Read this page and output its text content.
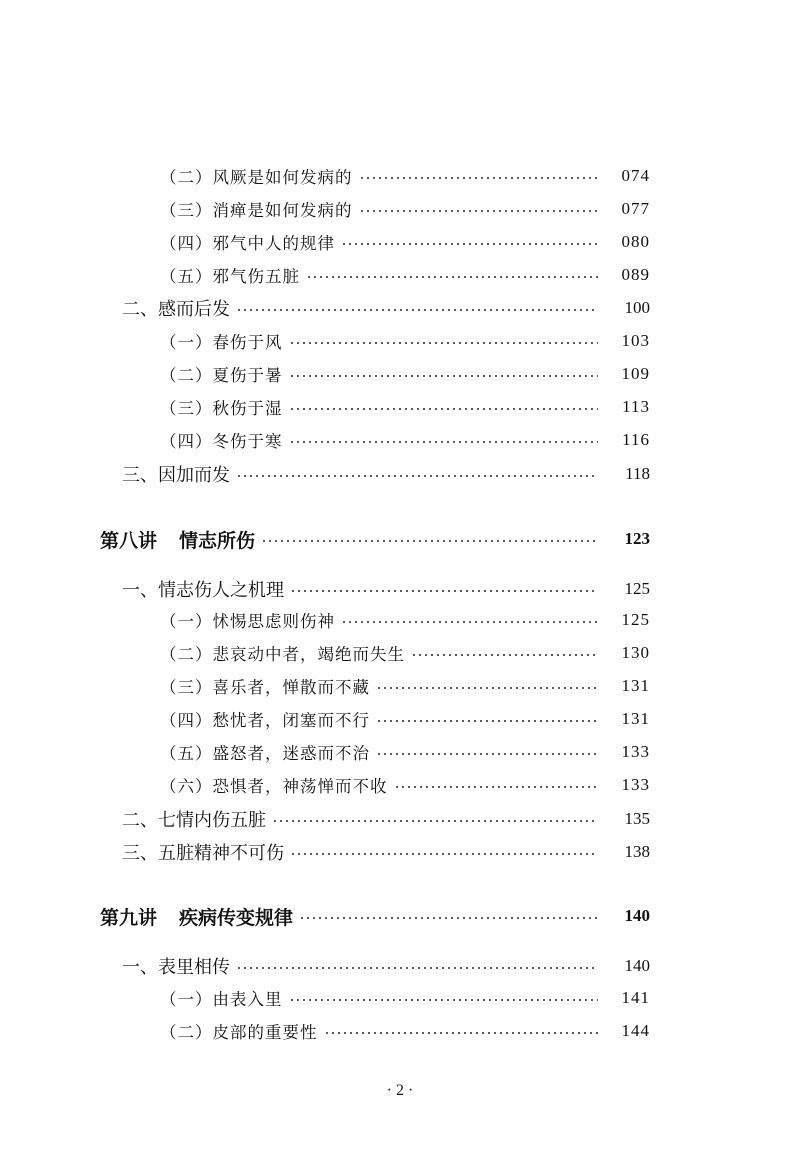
（二）风厥是如何发病的	074
（三）消瘅是如何发病的	077
（四）邪气中人的规律	080
（五）邪气伤五脏	089
二、感而后发	100
（一）春伤于风	103
（二）夏伤于暑	109
（三）秋伤于湿	113
（四）冬伤于寒	116
三、因加而发	118
第八讲 情志所伤	123
一、情志伤人之机理	125
（一）怵惕思虑则伤神	125
（二）悲哀动中者，竭绝而失生	130
（三）喜乐者，惮散而不藏	131
（四）愁忧者，闭塞而不行	131
（五）盛怒者，迷惑而不治	133
（六）恐惧者，神荡惮而不收	133
二、七情内伤五脏	135
三、五脏精神不可伤	138
第九讲 疾病传变规律	140
一、表里相传	140
（一）由表入里	141
（二）皮部的重要性	144
· 2 ·
